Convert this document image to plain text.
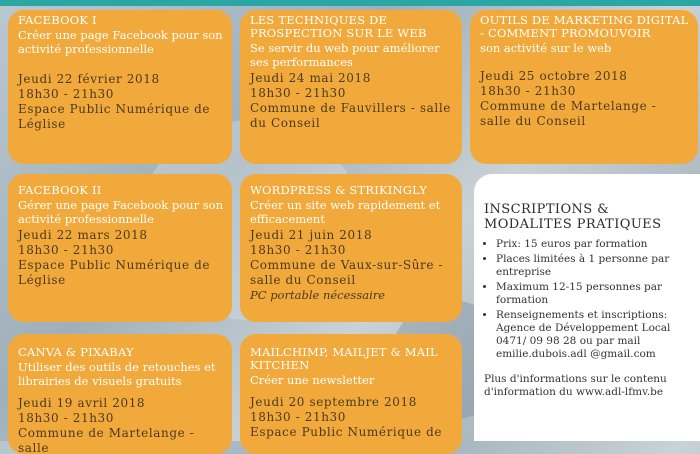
FACEBOOK I
Créer une page Facebook pour son activité professionnelle
Jeudi 22 février 2018
18h30 - 21h30
Espace Public Numérique de Léglise
LES TECHNIQUES DE PROSPECTION SUR LE WEB
Se servir du web pour améliorer ses performances
Jeudi 24 mai 2018
18h30 - 21h30
Commune de Fauvillers - salle du Conseil
OUTILS DE MARKETING DIGITAL - COMMENT PROMOUVOIR
son activité sur le web
Jeudi 25 octobre 2018
18h30 - 21h30
Commune de Martelange - salle du Conseil
FACEBOOK II
Gérer une page Facebook pour son activité professionnelle
Jeudi 22 mars 2018
18h30 - 21h30
Espace Public Numérique de Léglise
WORDPRESS & STRIKINGLY
Créer un site web rapidement et efficacement
Jeudi 21 juin 2018
18h30 - 21h30
Commune de Vaux-sur-Sûre - salle du Conseil
PC portable nécessaire
CANVA & PIXABAY
Utiliser des outils de retouches et librairies de visuels gratuits
Jeudi 19 avril 2018
18h30 - 21h30
Commune de Martelange - salle
MAILCHIMP, MAILJET & MAIL KITCHEN
Créer une newsletter
Jeudi 20 septembre 2018
18h30 - 21h30
Espace Public Numérique de
INSCRIPTIONS &
MODALITES PRATIQUES
• Prix: 15 euros par formation
• Places limitées à 1 personne par entreprise
• Maximum 12-15 personnes par formation
• Renseignements et inscriptions: Agence de Développement Local 0471/ 09 98 28 ou par mail emilie.dubois.adl @gmail.com
Plus d'informations sur le contenu d'information du www.adl-lfmv.be
